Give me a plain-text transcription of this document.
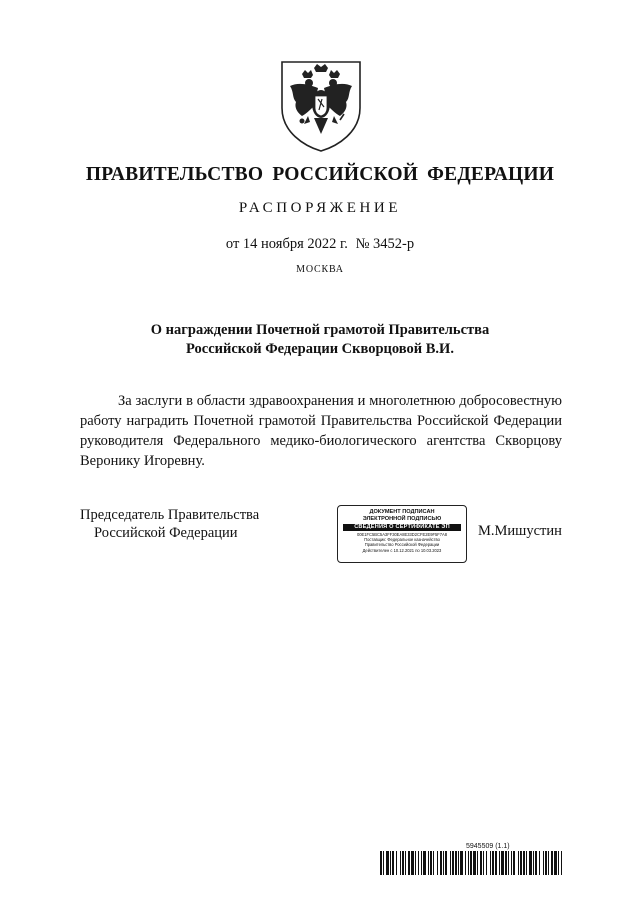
ПРАВИТЕЛЬСТВО РОССИЙСКОЙ ФЕДЕРАЦИИ
РАСПОРЯЖЕНИЕ
от 14 ноября 2022 г. № 3452-р
МОСКВА
О награждении Почетной грамотой Правительства
Российской Федерации Скворцовой В.И.
За заслуги в области здравоохранения и многолетнюю добросовестную работу наградить Почетной грамотой Правительства Российской Федерации руководителя Федерального медико-биологического агентства Скворцову Веронику Игоревну.
Председатель Правительства
Российской Федерации
ДОКУМЕНТ ПОДПИСАН
ЭЛЕКТРОННОЙ ПОДПИСЬЮ
СВЕДЕНИЯ О СЕРТИФИКАТЕ ЭП
00E1FC5BC5A3FF30EA8E33D2CFE2E9F5F7A8
Поставщик: Федеральное казначейство
Правительство Российской Федерации
Действителен с 10.12.2021 по 10.03.2023
М.Мишустин
5945509 (1.1)
